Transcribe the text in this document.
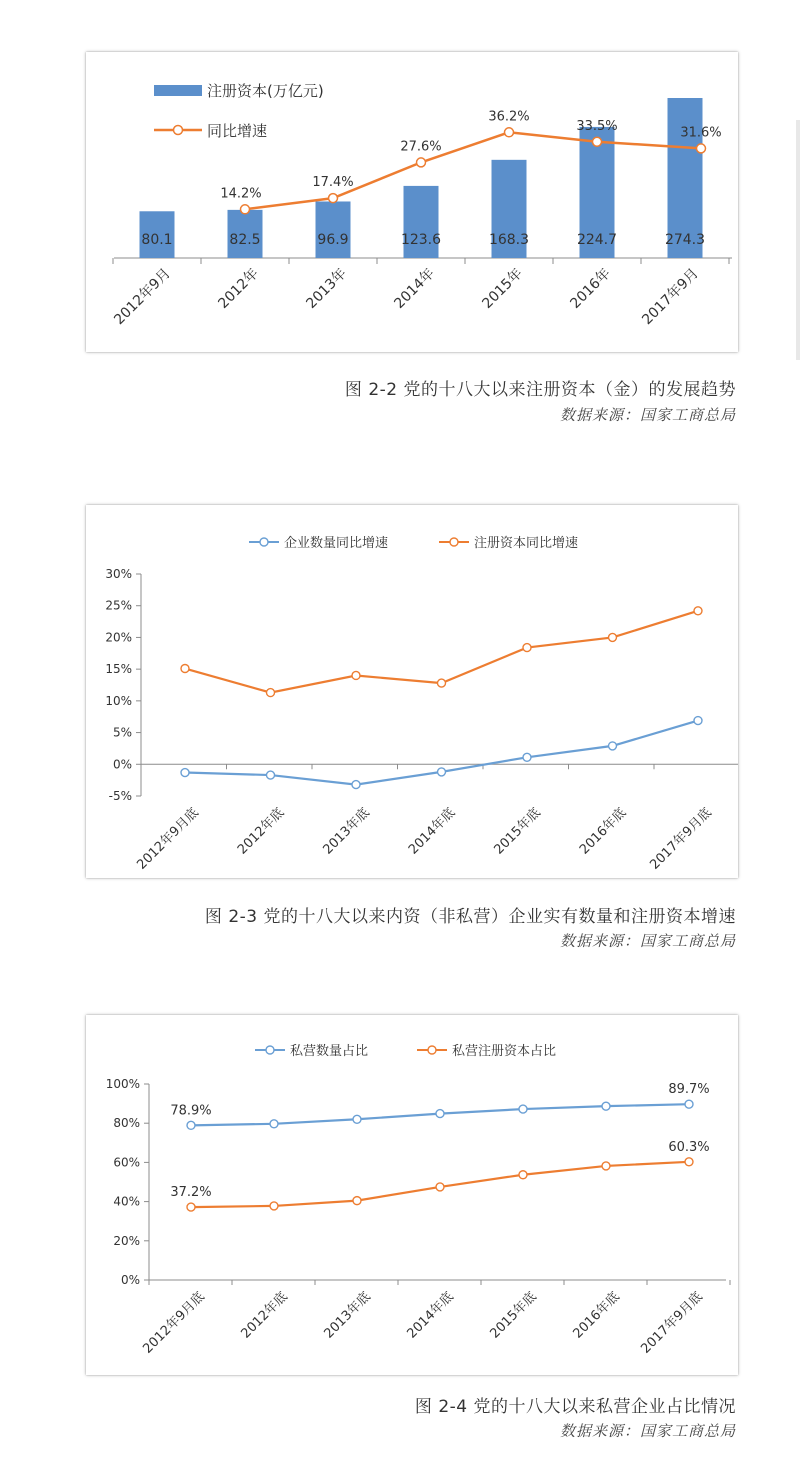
80.1	82.5	96.9	123.6	168.3	224.7	274.3
14.2%
17.4%
27.6%
36.2%
33.5%	31.6%
2012年9月	2012年	2013年	2014年	2015年	2016年 2017年9月
注册资本(万亿元)
同比增速
图 2-2 党的十八大以来注册资本（金）的发展趋势
数据来源：国家工商总局
-5%
0%
5%
10%
15%
20%
25%
30%
2012年9月底	2012年底	2013年底	2014年底	2015年底	2016年底 2017年9月底
企业数量同比增速	注册资本同比增速
图 2-3 党的十八大以来内资（非私营）企业实有数量和注册资本增速
数据来源：国家工商总局
0%
20%
40%
60%
80%
100%
78.9%
89.7%
37.2%
60.3%
2012年9月底 2012年底 2013年底 2014年底 2015年底 2016年底 2017年9月底
私营数量占比	私营注册资本占比
图 2-4 党的十八大以来私营企业占比情况
数据来源：国家工商总局
